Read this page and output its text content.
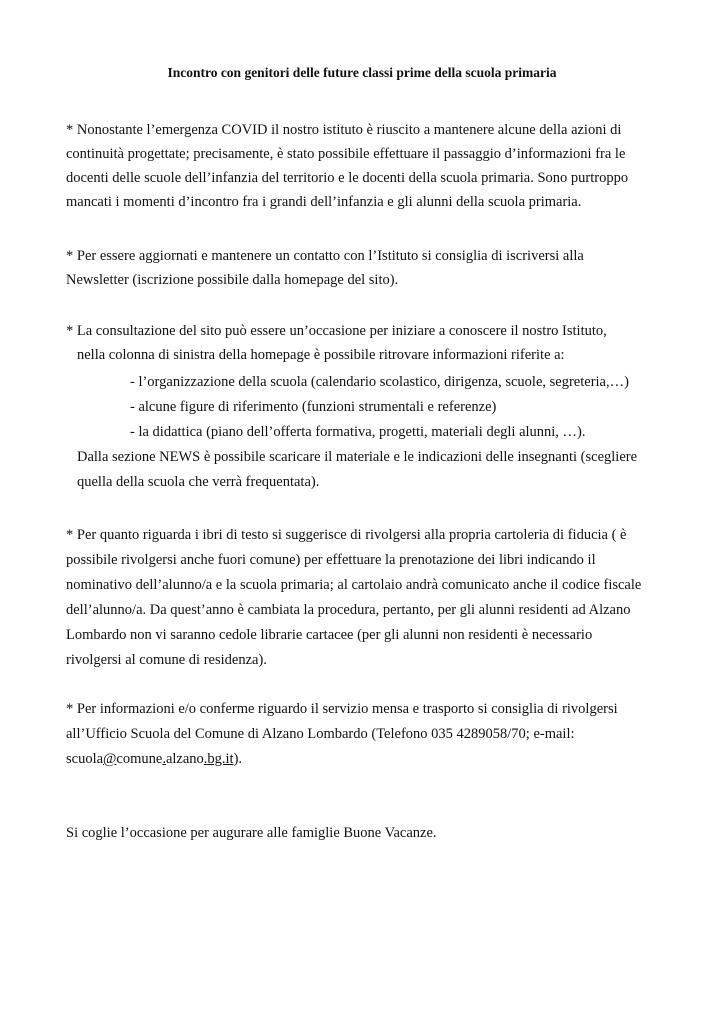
Incontro con genitori delle future classi prime della scuola primaria
* Nonostante l’emergenza COVID il nostro istituto è riuscito a mantenere alcune della azioni di
continuità progettate; precisamente, è stato possibile effettuare il passaggio d’informazioni fra le
docenti delle scuole dell’infanzia del territorio e le docenti della scuola primaria. Sono purtroppo
mancati i momenti d’incontro fra i grandi dell’infanzia e gli alunni della scuola primaria.
* Per essere aggiornati e mantenere un contatto con l’Istituto si consiglia di iscriversi alla
Newsletter (iscrizione possibile dalla homepage del sito).
* La consultazione del sito può essere un’occasione per iniziare a conoscere il nostro Istituto,
nella colonna di sinistra della homepage è possibile ritrovare informazioni riferite a:
- l’organizzazione della scuola (calendario scolastico, dirigenza, scuole, segreteria,…)
- alcune figure di riferimento (funzioni strumentali e referenze)
- la didattica (piano dell’offerta formativa, progetti, materiali degli alunni, …).
Dalla sezione NEWS è possibile scaricare il materiale e le indicazioni delle insegnanti (scegliere
quella della scuola che verrà frequentata).
* Per quanto riguarda i ibri di testo si suggerisce di rivolgersi alla propria cartoleria di fiducia ( è
possibile rivolgersi anche fuori comune) per effettuare la prenotazione dei libri indicando il
nominativo dell’alunno/a e la scuola primaria; al cartolaio andrà comunicato anche il codice fiscale
dell’alunno/a. Da quest’anno è cambiata la procedura, pertanto, per gli alunni residenti ad Alzano
Lombardo non vi saranno cedole librarie cartacee (per gli alunni non residenti è necessario
rivolgersi al comune di residenza).
* Per informazioni e/o conferme riguardo il servizio mensa e trasporto si consiglia di rivolgersi
all’Ufficio Scuola del Comune di Alzano Lombardo (Telefono 035 4289058/70; e-mail:
scuola@comune.alzano.bg.it).
Si coglie l’occasione per augurare alle famiglie Buone Vacanze.
